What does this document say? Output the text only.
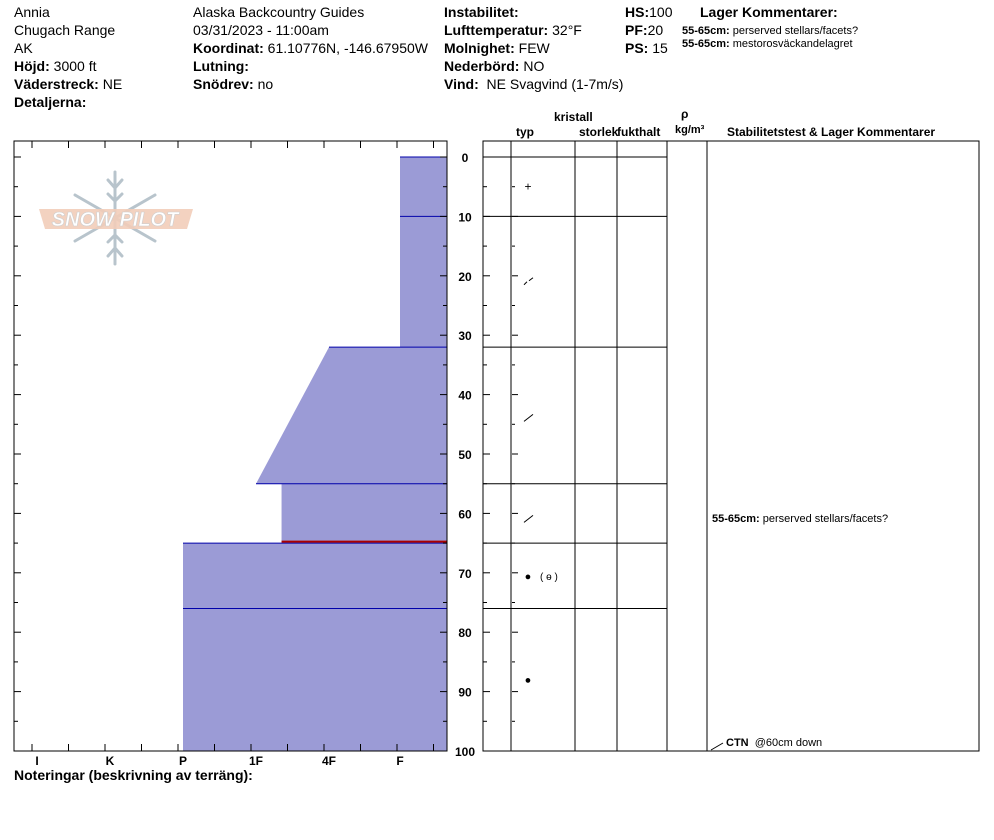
Annia
Chugach Range
AK
Höjd: 3000 ft
Väderstreck: NE
Detaljerna:
Alaska Backcountry Guides
03/31/2023 - 11:00am
Koordinat: 61.10776N, -146.67950W
Lutning:
Snödrev: no
Instabilitet:
Lufttemperatur: 32°F
Molnighet: FEW
Nederbörd: NO
Vind: NE Svagvind (1-7m/s)
HS:100
PF:20
PS: 15
Lager Kommentarer:
55-65cm: perserved stellars/facets?
55-65cm: mestorosväckandelagret
kristall
typ	storlek
fukthalt
ρ
kg/m³ Stabilitetstest & Lager Kommentarer
0
10
20
30
40
50
60
70
80
90
100
I	K	P	1F	4F	F
+
● ( ө )
●
SNOW PILOT
55-65cm: perserved stellars/facets?
CTN @60cm down
Noteringar (beskrivning av terräng):
